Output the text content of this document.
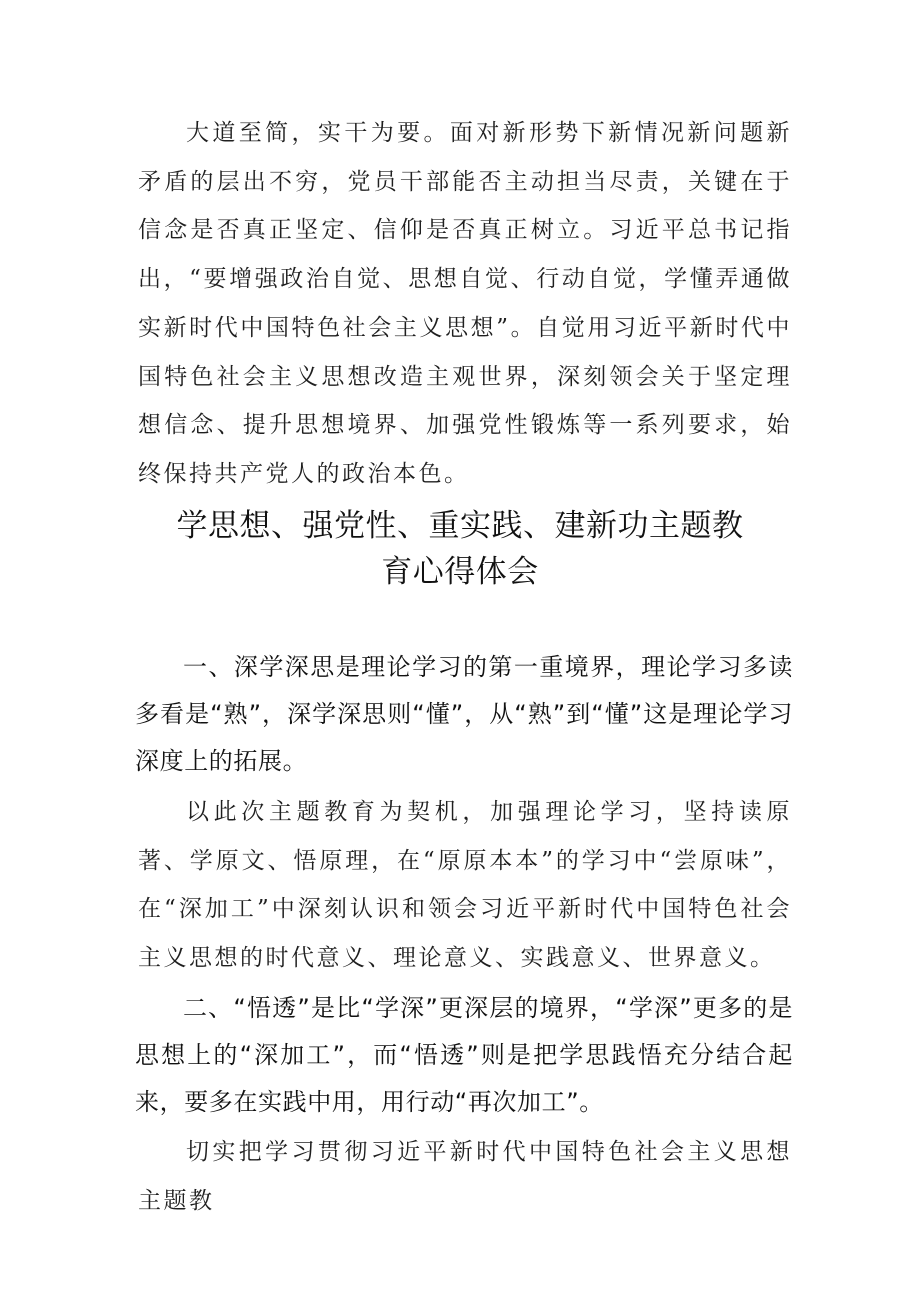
大道至简，实干为要。面对新形势下新情况新问题新矛盾的层出不穷，党员干部能否主动担当尽责，关键在于信念是否真正坚定、信仰是否真正树立。习近平总书记指出，“要增强政治自觉、思想自觉、行动自觉，学懂弄通做实新时代中国特色社会主义思想”。自觉用习近平新时代中国特色社会主义思想改造主观世界，深刻领会关于坚定理想信念、提升思想境界、加强党性锻炼等一系列要求，始终保持共产党人的政治本色。

学思想、强党性、重实践、建新功主题教
育心得体会

一、深学深思是理论学习的第一重境界，理论学习多读多看是“熟”，深学深思则“懂”，从“熟”到“懂”这是理论学习深度上的拓展。

以此次主题教育为契机，加强理论学习，坚持读原著、学原文、悟原理，在“原原本本”的学习中“尝原味”，在“深加工”中深刻认识和领会习近平新时代中国特色社会主义思想的时代意义、理论意义、实践意义、世界意义。

二、“悟透”是比“学深”更深层的境界，“学深”更多的是思想上的“深加工”，而“悟透”则是把学思践悟充分结合起来，要多在实践中用，用行动“再次加工”。

切实把学习贯彻习近平新时代中国特色社会主义思想主题教
